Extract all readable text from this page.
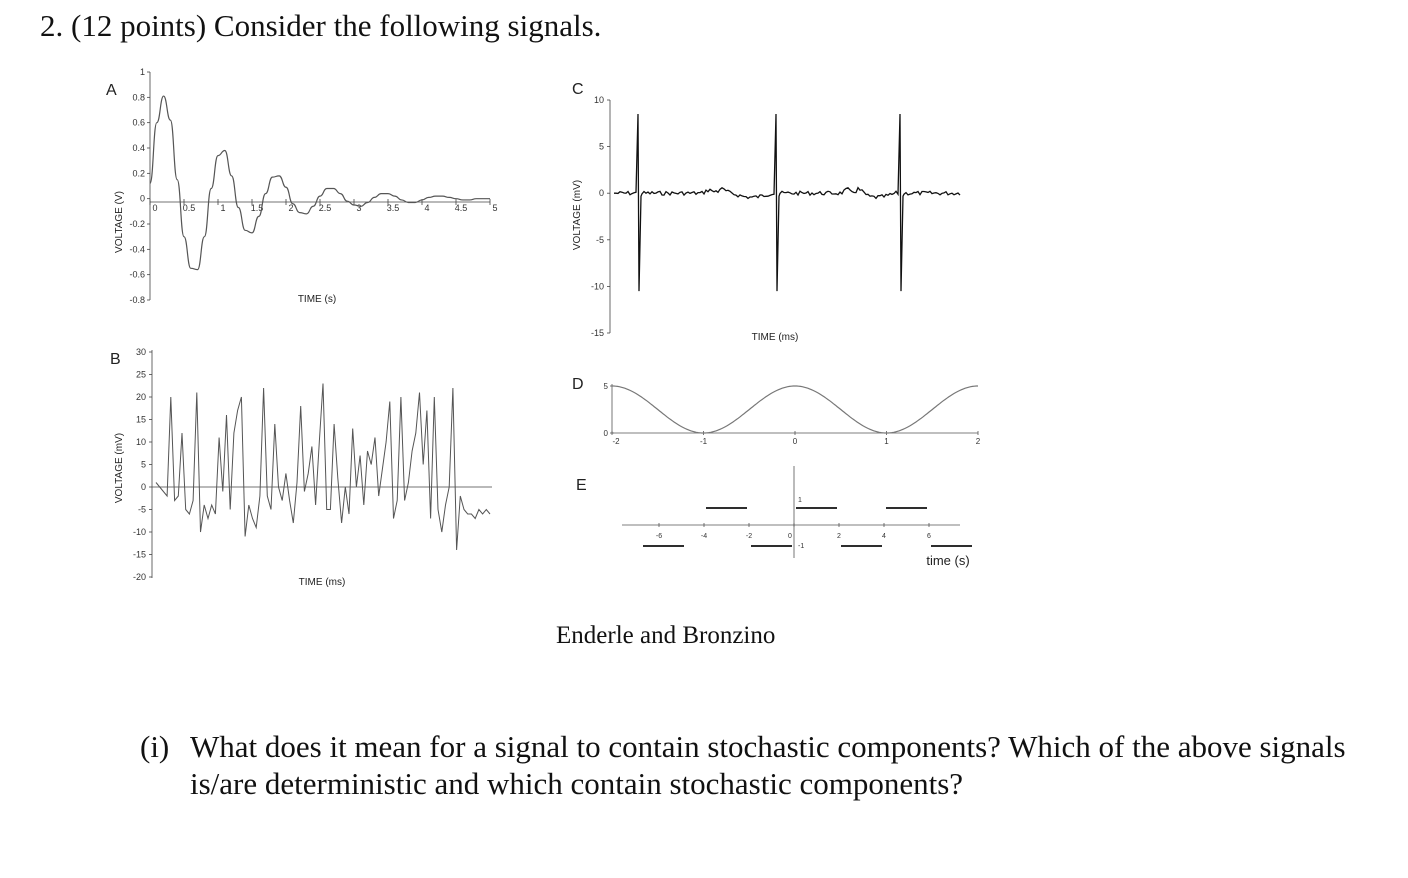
2. (12 points) Consider the following signals.
A
VOLTAGE (V)
TIME (s)
1
0.8
0.6
0.4
0.2
0
-0.2
-0.4
-0.6
-0.8
0	0.5	1	1.5	2	2.5	3	3.5	4	4.5	5
B
VOLTAGE (mV)
TIME (ms)
30
25
20
15
10
5
0
-5
-10
-15
-20
C
VOLTAGE (mV)
TIME (ms)
10
5
0
-5
-10
-15
D
-2	-1	0	1	2
5
0
E
time (s)
-6	-4	-2	0	2	4	6
1
-1
Enderle and Bronzino
(i) What does it mean for a signal to contain stochastic components? Which of the above signals is/are deterministic and which contain stochastic components?
